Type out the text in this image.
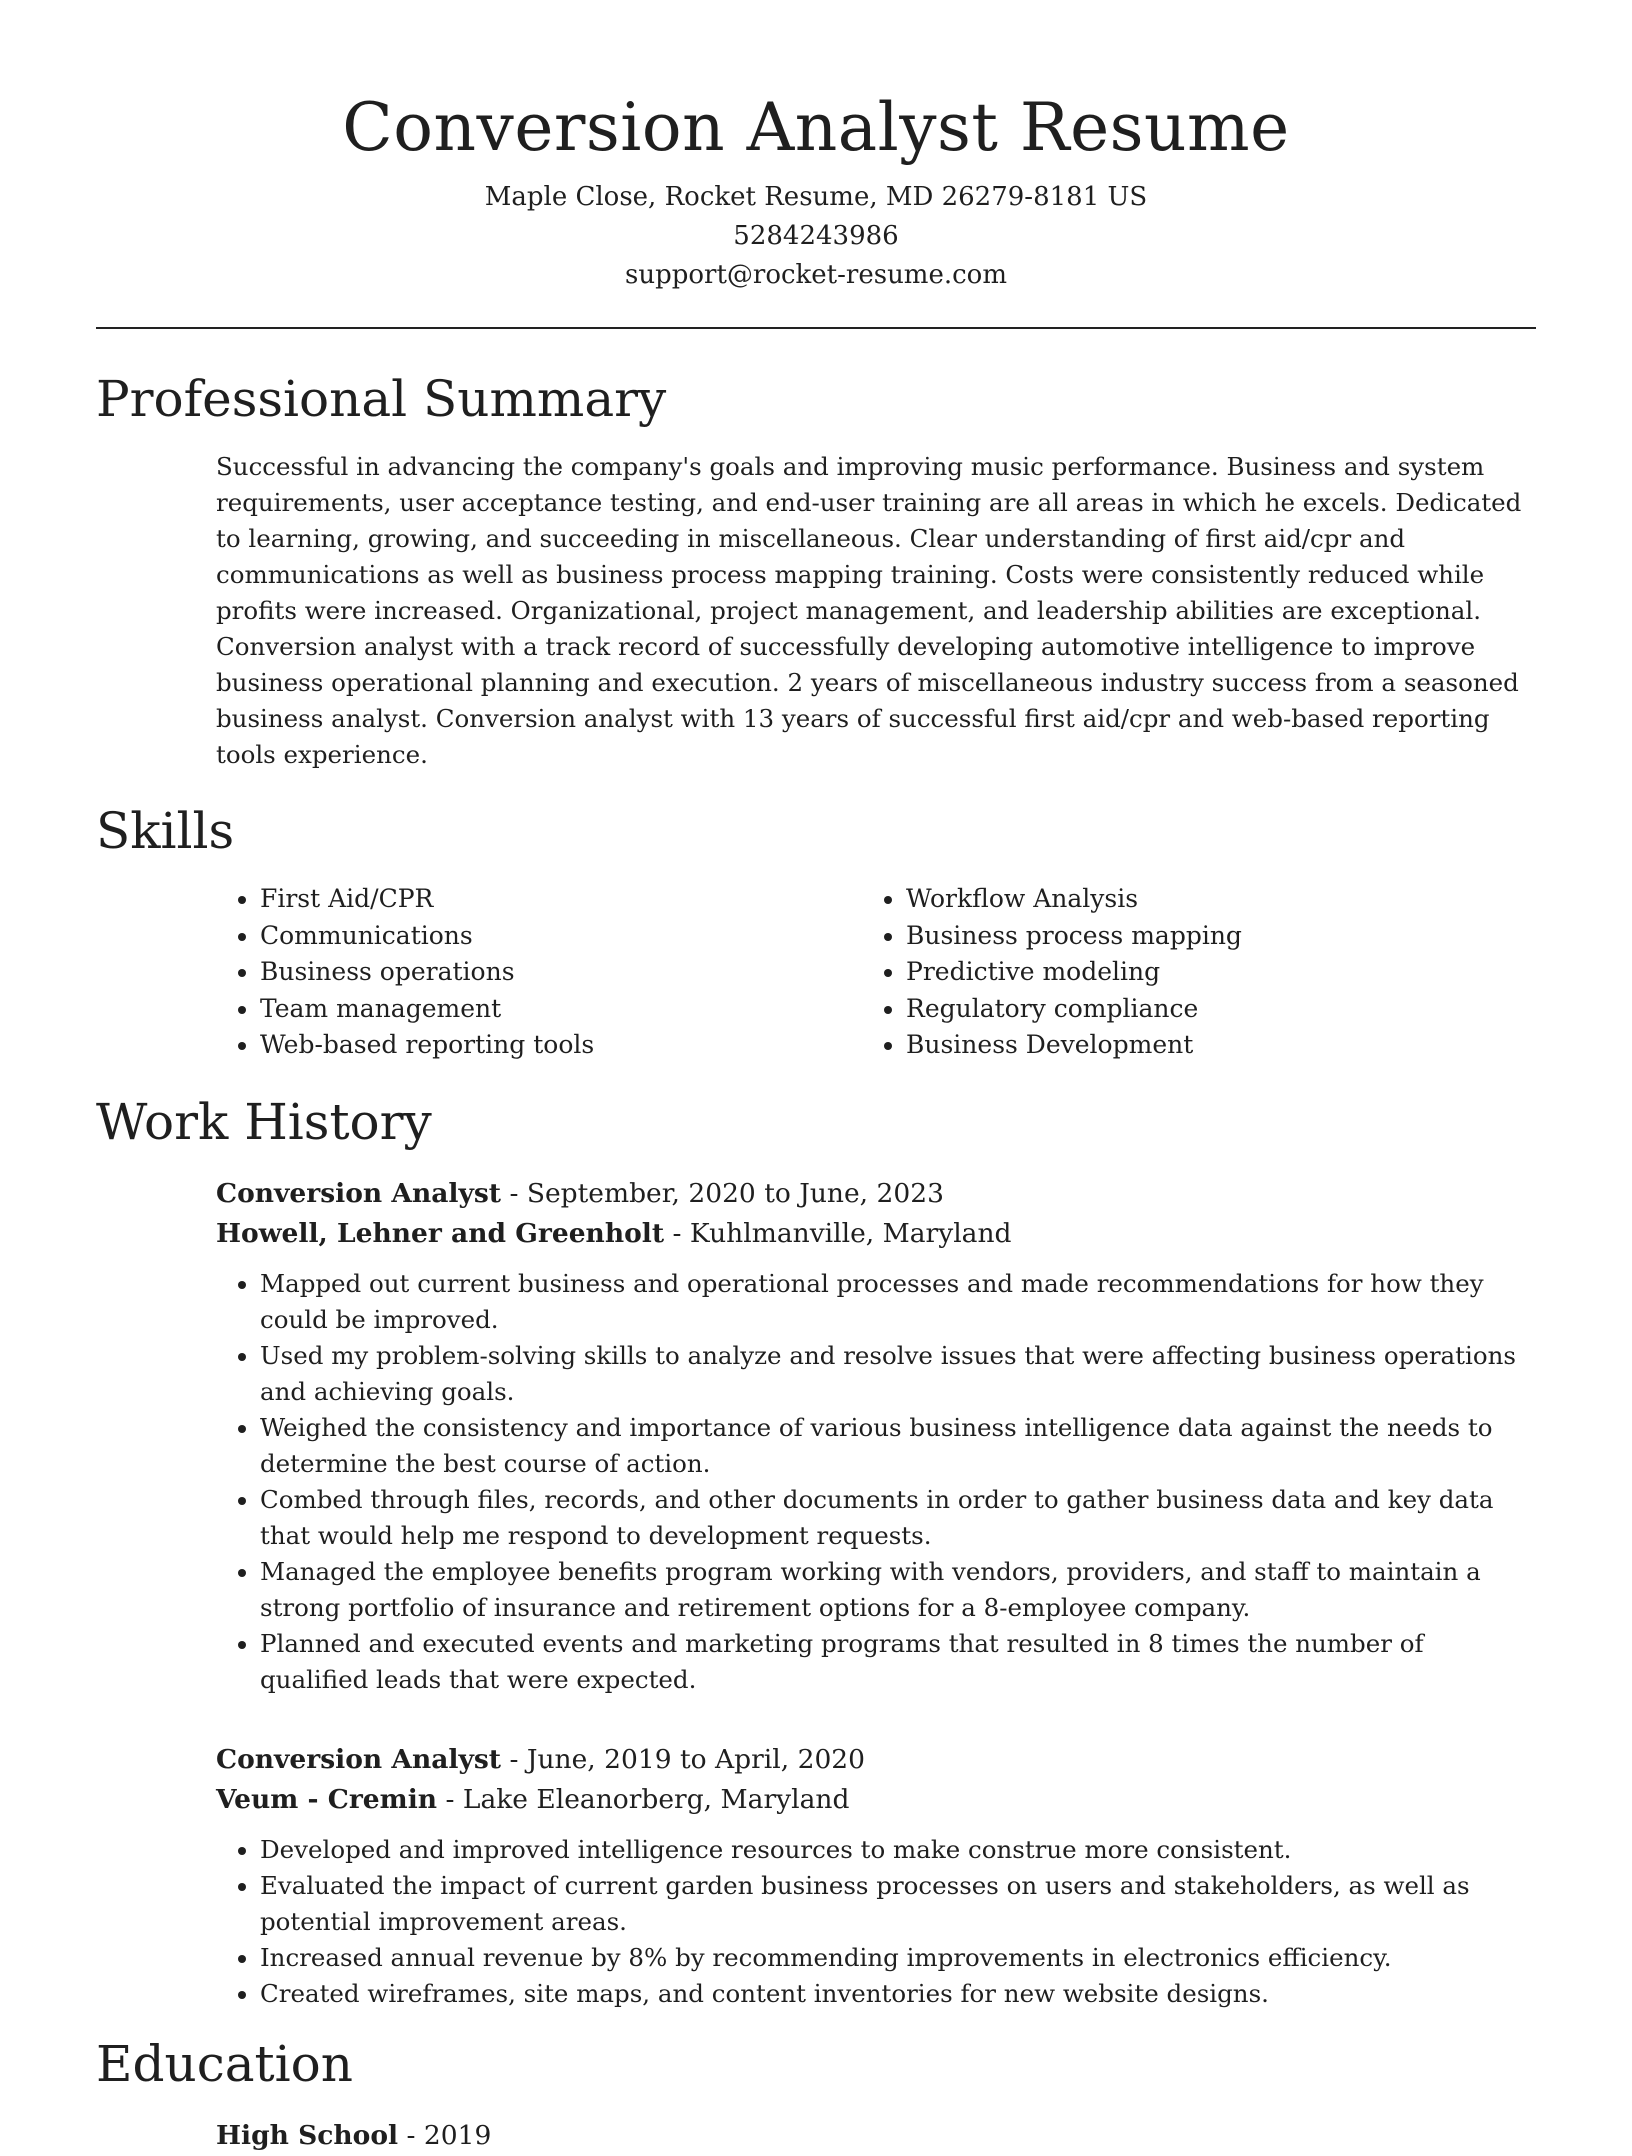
Conversion Analyst Resume
Maple Close, Rocket Resume, MD 26279-8181 US
5284243986
support@rocket-resume.com
Professional Summary
Successful in advancing the company's goals and improving music performance. Business and system requirements, user acceptance testing, and end-user training are all areas in which he excels. Dedicated to learning, growing, and succeeding in miscellaneous. Clear understanding of first aid/cpr and communications as well as business process mapping training. Costs were consistently reduced while profits were increased. Organizational, project management, and leadership abilities are exceptional. Conversion analyst with a track record of successfully developing automotive intelligence to improve business operational planning and execution. 2 years of miscellaneous industry success from a seasoned business analyst. Conversion analyst with 13 years of successful first aid/cpr and web-based reporting tools experience.
Skills
• First Aid/CPR
• Communications
• Business operations
• Team management
• Web-based reporting tools
• Workflow Analysis
• Business process mapping
• Predictive modeling
• Regulatory compliance
• Business Development
Work History
Conversion Analyst - September, 2020 to June, 2023
Howell, Lehner and Greenholt - Kuhlmanville, Maryland
• Mapped out current business and operational processes and made recommendations for how they could be improved.
• Used my problem-solving skills to analyze and resolve issues that were affecting business operations and achieving goals.
• Weighed the consistency and importance of various business intelligence data against the needs to determine the best course of action.
• Combed through files, records, and other documents in order to gather business data and key data that would help me respond to development requests.
• Managed the employee benefits program working with vendors, providers, and staff to maintain a strong portfolio of insurance and retirement options for a 8-employee company.
• Planned and executed events and marketing programs that resulted in 8 times the number of qualified leads that were expected.
Conversion Analyst - June, 2019 to April, 2020
Veum - Cremin - Lake Eleanorberg, Maryland
• Developed and improved intelligence resources to make construe more consistent.
• Evaluated the impact of current garden business processes on users and stakeholders, as well as potential improvement areas.
• Increased annual revenue by 8% by recommending improvements in electronics efficiency.
• Created wireframes, site maps, and content inventories for new website designs.
Education
High School - 2019
